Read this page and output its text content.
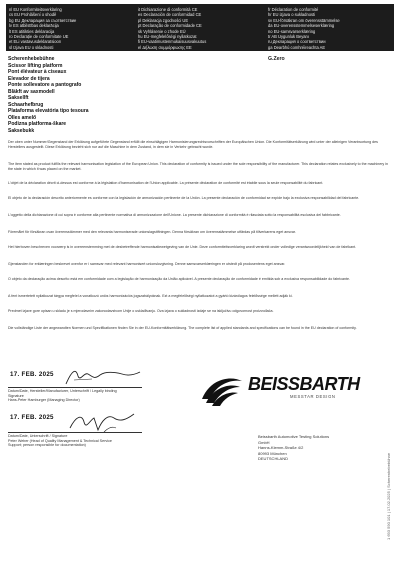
nl EU Konformiteitsverklaring
cs EU Prohlášení o shodě
bg EU Декларация за съответствие
lv ES atbilstības deklarācija
lt ES atitikties deklaracija
ro Declarație de conformitate UE
et ELi vastavusdeklaratsioon
sl Izjava EU o skladnosti
it Dichiarazione di conformità CE
es Declaración de conformidad CE
pl Deklaracja zgodności UE
pt Declaração de conformidade CE
sk Vyhlásenie o zhode EÚ
hu EU-megfelelőségi nyilatkozat
fi EU-vaatimustenmukaisuusvakuutus
el Δήλωση συμμόρφωσης ΕΕ
fr Déclaration de conformité
hr EU izjava o sukladnosti
sv EU-försäkran om överensstämmelse
da EU-overensstemmelseserklæring
no EU-samsvarserklæring
tr AB Uygunluk Beyanı
ru Декларация о соответствии
ga Dearbhú comhréireachta AE
Scherenhebebühne
Scissor lifting platform
Pont élévateur à ciseaux
Elevador de tijera
Ponte sollevatore a pantografo
Bläkft av saxmodell
Saksellft
Schaarhefbrug
Plataforma elevatória tipo tesoura
Olles amelő
Podizna platforma-škare
Saksebukk
G.Zero
Der oben unter Nummer/Gegenstand der Erklärung aufgeführte Gegenstand erfüllt die einschlägigen Harmonisierungsrechtsvorschriften der Europäischen Union. Die Konformitätserklärung wird unter der alleinigen Verantwortung des Herstellers ausgestellt. Diese Erklärung bezieht sich nur auf die Maschine in dem Zustand, in dem sie in Verkehr gebracht wurde.
The item stated as product fulfills the relevant harmonisation legislation of the European Union. This declaration of conformity is issued under the sole responsibility of the manufacturer. This declaration relates exclusively to the machinery in the state in which it was placed on the market.
L'objet de la déclaration décrit ci-dessus est conforme à la législation d'harmonisation de l'Union applicable. La présente déclaration de conformité est établie sous la seule responsabilité du fabricant.
El objeto de la declaración descrito anteriormente es conforme con la legislación de armonización pertinente de la Unión. La presente declaración de conformidad se expide bajo la exclusiva responsabilidad del fabricante.
L'oggetto della dichiarazione di cui sopra è conforme alla pertinente normativa di armonizzazione dell'Unione. La presente dichiarazione di conformità è rilasciata sotto la responsabilità esclusiva del fabbricante.
Föremålet för försäkran ovan överensstämmer med den relevanta harmoniserade unionslagstiftningen. Denna försäkran om överensstämmelse utfärdas på tillverkarens eget ansvar.
Het hierboven beschreven voorwerp is in overeenstemming met de desbetreffende harmonisatiewetgeving van de Unie. Deze conformiteitsverklaring wordt verstrekt onder volledige verantwoordelijkheid van de fabrikant.
Gjenstanden for erklæringen beskrevet ovenfor er i samsvar med relevant harmonisert unionslovgivning. Denne samsvarserklæringen er utstedt på produsentens eget ansvar.
O objeto da declaração acima descrito está em conformidade com a legislação de harmonização da União aplicável. A presente declaração de conformidade é emitida sob a exclusiva responsabilidade do fabricante.
A fent ismertetett nyilatkozat tárgya megfelel a vonatkozó uniós harmonizációs jogszabályoknak. Ezt a megfelelőségi nyilatkozatot a gyártó kizárólagos felelőssége mellett adják ki.
Predmet izjave gore opisan u skladu je s mjerodavnim zakonodavstvom Unije o usklađivanju. Ova izjava o sukladnosti izdaje se na isključivu odgovornost proizvođača.
Die vollständige Liste der angewandten Normen und Spezifikationen finden Sie in der EU-Konformitätserklärung. The complete list of applied standards and specifications can be found in the EU declaration of conformity.
17. FEB. 2025
Datum/Date, Hersteller/Manufacturer, Unterschrift / Legally binding
Signature
Hans-Peter Hamburger (Managing Director)
17. FEB. 2025
Datum/Date, Unterschrift / Signature
Peter Weber (Head of Quality Management & Technical Service
Support; person responsible for documentation)
BEISSBARTH
MESSTAR DESIGN
Beissbarth Automotive Testing Solutions
GmbH
Hanns-Klemm-Straße 4/2
80993 München
DEUTSCHLAND	1 693 590 101 | 17.02.2025 | Scherenhebebühne
